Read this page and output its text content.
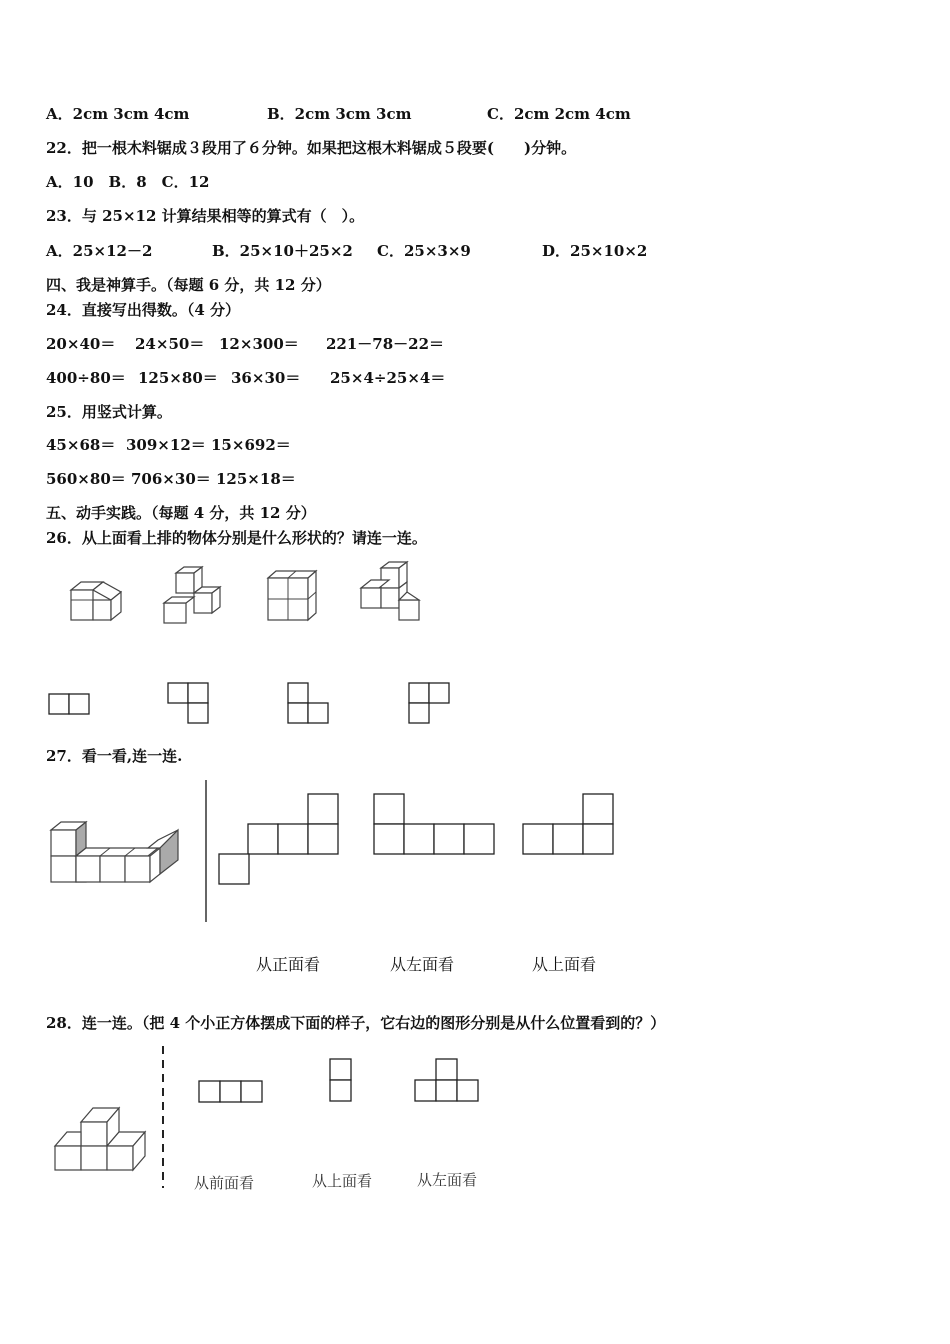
A．2cm 3cm 4cm	B．2cm 3cm 3cm	C．2cm 2cm 4cm
22．把一根木料锯成３段用了６分钟。如果把这根木料锯成５段要(　　)分钟。
A．10　B．8　C．12
23．与 25×12 计算结果相等的算式有（　）。
A．25×12－2	B．25×10＋25×2 C．25×3×9	D．25×10×2
四、我是神算手。（每题 6 分，共 12 分）
24．直接写出得数。（4 分）
20×40＝ 24×50＝ 12×300＝ 221－78－22＝
400÷80＝ 125×80＝ 36×30＝ 25×4÷25×4＝
25．用竖式计算。
45×68＝ 309×12＝ 15×692＝
560×80＝ 706×30＝ 125×18＝
五、动手实践。（每题 4 分，共 12 分）
26．从上面看上排的物体分别是什么形状的？请连一连。
27．看一看,连一连.
从正面看	从左面看	从上面看
28．连一连。（把 4 个小正方体摆成下面的样子，它右边的图形分别是从什么位置看到的？）
从前面看	从上面看	从左面看
